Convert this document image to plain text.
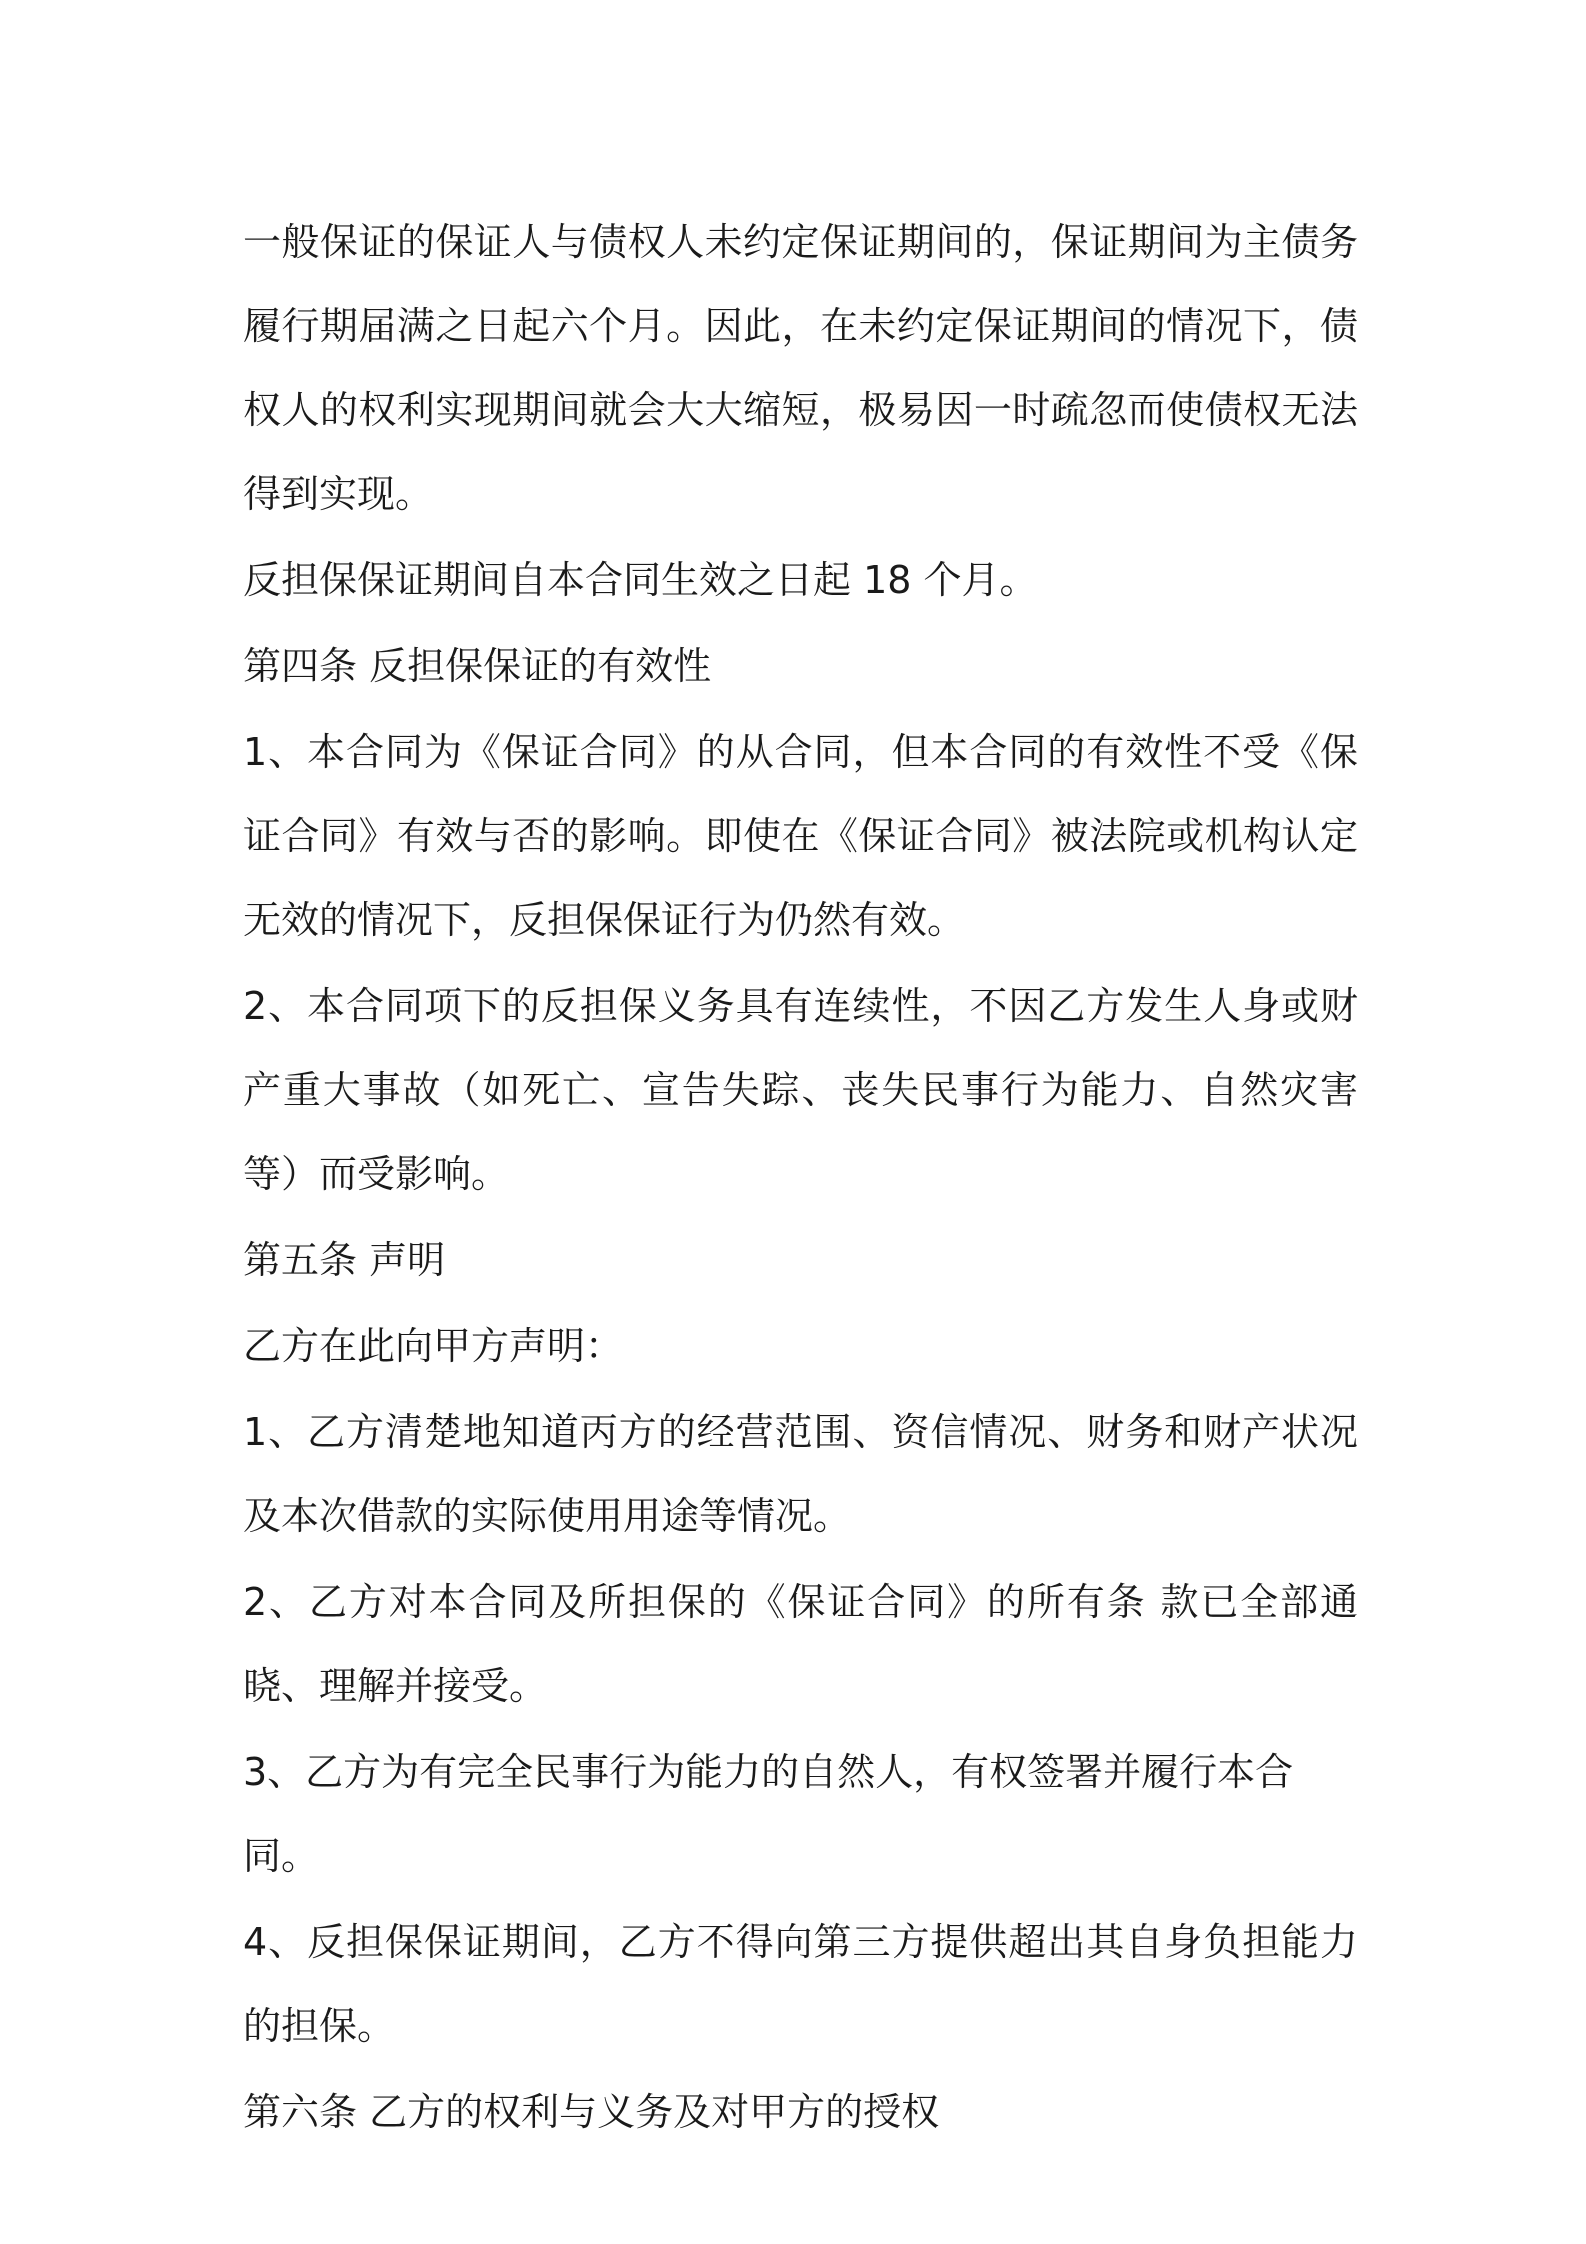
一般保证的保证人与债权人未约定保证期间的，保证期间为主债务履行期届满之日起六个月。因此，在未约定保证期间的情况下，债权人的权利实现期间就会大大缩短，极易因一时疏忽而使债权无法得到实现。

反担保保证期间自本合同生效之日起 18 个月。

第四条 反担保保证的有效性

1、本合同为《保证合同》的从合同，但本合同的有效性不受《保证合同》有效与否的影响。即使在《保证合同》被法院或机构认定无效的情况下，反担保保证行为仍然有效。

2、本合同项下的反担保义务具有连续性，不因乙方发生人身或财产重大事故（如死亡、宣告失踪、丧失民事行为能力、自然灾害等）而受影响。

第五条 声明

乙方在此向甲方声明：

1、乙方清楚地知道丙方的经营范围、资信情况、财务和财产状况及本次借款的实际使用用途等情况。

2、乙方对本合同及所担保的《保证合同》的所有条 款已全部通晓、理解并接受。

3、乙方为有完全民事行为能力的自然人，有权签署并履行本合同。

4、反担保保证期间，乙方不得向第三方提供超出其自身负担能力的担保。

第六条 乙方的权利与义务及对甲方的授权
